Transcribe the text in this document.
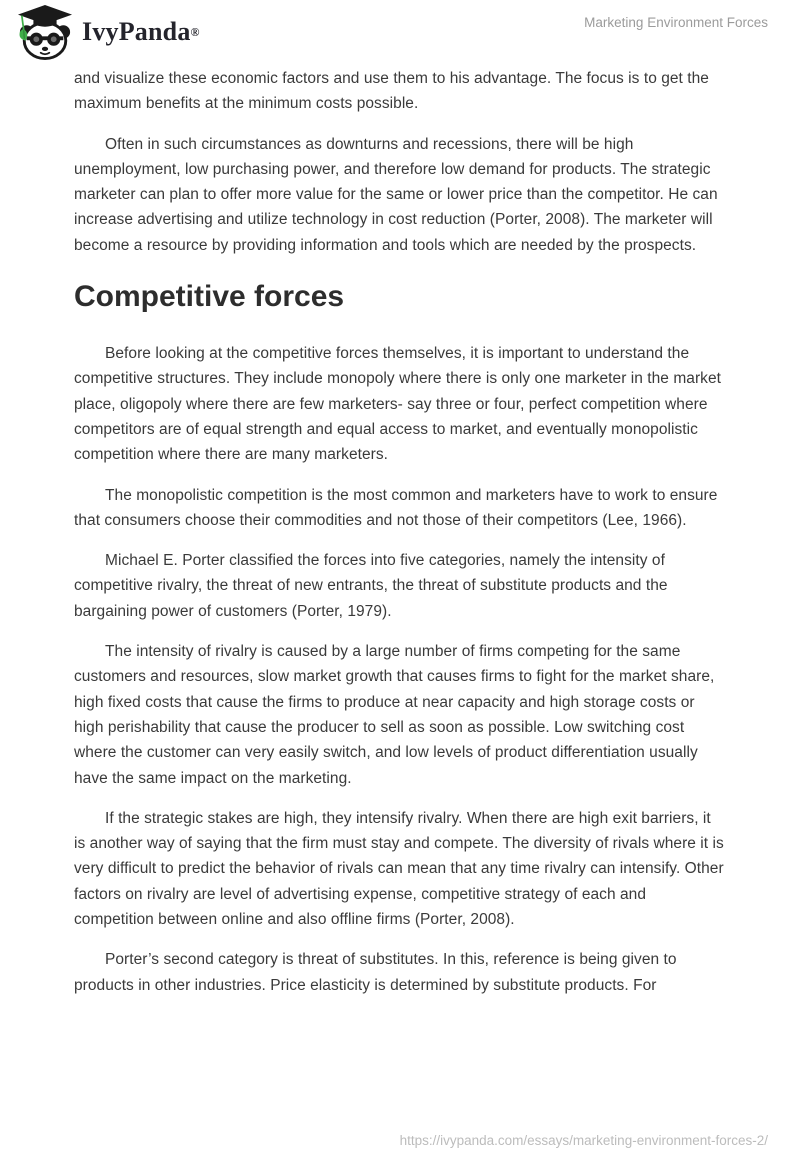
IvyPanda ®
Marketing Environment Forces

and visualize these economic factors and use them to his advantage. The focus is to get the maximum benefits at the minimum costs possible.

Often in such circumstances as downturns and recessions, there will be high unemployment, low purchasing power, and therefore low demand for products. The strategic marketer can plan to offer more value for the same or lower price than the competitor. He can increase advertising and utilize technology in cost reduction (Porter, 2008). The marketer will become a resource by providing information and tools which are needed by the prospects.

Competitive forces

Before looking at the competitive forces themselves, it is important to understand the competitive structures. They include monopoly where there is only one marketer in the market place, oligopoly where there are few marketers- say three or four, perfect competition where competitors are of equal strength and equal access to market, and eventually monopolistic competition where there are many marketers.

The monopolistic competition is the most common and marketers have to work to ensure that consumers choose their commodities and not those of their competitors (Lee, 1966).

Michael E. Porter classified the forces into five categories, namely the intensity of competitive rivalry, the threat of new entrants, the threat of substitute products and the bargaining power of customers (Porter, 1979).

The intensity of rivalry is caused by a large number of firms competing for the same customers and resources, slow market growth that causes firms to fight for the market share, high fixed costs that cause the firms to produce at near capacity and high storage costs or high perishability that cause the producer to sell as soon as possible. Low switching cost where the customer can very easily switch, and low levels of product differentiation usually have the same impact on the marketing.

If the strategic stakes are high, they intensify rivalry. When there are high exit barriers, it is another way of saying that the firm must stay and compete. The diversity of rivals where it is very difficult to predict the behavior of rivals can mean that any time rivalry can intensify. Other factors on rivalry are level of advertising expense, competitive strategy of each and competition between online and also offline firms (Porter, 2008).

Porter’s second category is threat of substitutes. In this, reference is being given to products in other industries. Price elasticity is determined by substitute products. For

https://ivypanda.com/essays/marketing-environment-forces-2/
